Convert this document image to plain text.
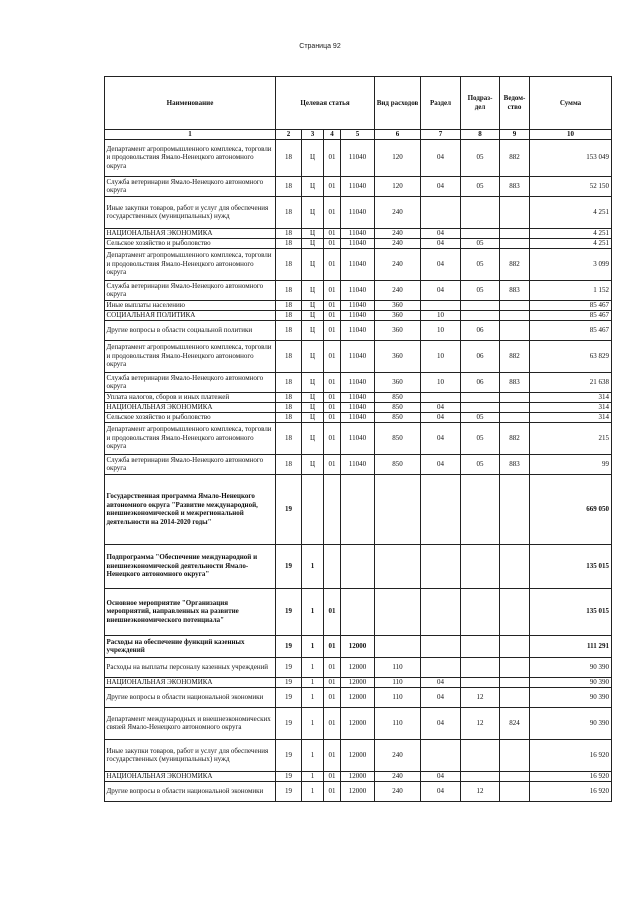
Страница 92
Наименование	Целевая статья				Вид расходов	Раздел	Подраз-дел	Ведом-ство	Сумма
1	2	3	4	5	6	7	8	9	10
Департамент агропромышленного комплекса, торговли и продовольствия Ямало-Ненецкого автономного округа	18	Ц	01	11040	120	04	05	882	153 049
Служба ветеринарии Ямало-Ненецкого автономного округа	18	Ц	01	11040	120	04	05	883	52 150
Иные закупки товаров, работ и услуг для обеспечения государственных (муниципальных) нужд	18	Ц	01	11040	240				4 251
НАЦИОНАЛЬНАЯ ЭКОНОМИКА	18	Ц	01	11040	240	04			4 251
Сельское хозяйство и рыболовство	18	Ц	01	11040	240	04	05		4 251
Департамент агропромышленного комплекса, торговли и продовольствия Ямало-Ненецкого автономного округа	18	Ц	01	11040	240	04	05	882	3 099
Служба ветеринарии Ямало-Ненецкого автономного округа	18	Ц	01	11040	240	04	05	883	1 152
Иные выплаты населению	18	Ц	01	11040	360				85 467
СОЦИАЛЬНАЯ ПОЛИТИКА	18	Ц	01	11040	360	10			85 467
Другие вопросы в области социальной политики	18	Ц	01	11040	360	10	06		85 467
Департамент агропромышленного комплекса, торговли и продовольствия Ямало-Ненецкого автономного округа	18	Ц	01	11040	360	10	06	882	63 829
Служба ветеринарии Ямало-Ненецкого автономного округа	18	Ц	01	11040	360	10	06	883	21 638
Уплата налогов, сборов и иных платежей	18	Ц	01	11040	850				314
НАЦИОНАЛЬНАЯ ЭКОНОМИКА	18	Ц	01	11040	850	04			314
Сельское хозяйство и рыболовство	18	Ц	01	11040	850	04	05		314
Департамент агропромышленного комплекса, торговли и продовольствия Ямало-Ненецкого автономного округа	18	Ц	01	11040	850	04	05	882	215
Служба ветеринарии Ямало-Ненецкого автономного округа	18	Ц	01	11040	850	04	05	883	99
Государственная программа Ямало-Ненецкого автономного округа "Развитие международной, внешнеэкономической и межрегиональной деятельности на 2014-2020 годы"	19								669 050
Подпрограмма "Обеспечение международной и внешнеэкономической деятельности Ямало-Ненецкого автономного округа"	19	1							135 015
Основное мероприятие "Организация мероприятий, направленных на развитие внешнеэкономического потенциала"	19	1	01						135 015
Расходы на обеспечение функций казенных учреждений	19	1	01	12000					111 291
Расходы на выплаты персоналу казенных учреждений	19	1	01	12000	110				90 390
НАЦИОНАЛЬНАЯ ЭКОНОМИКА	19	1	01	12000	110	04			90 390
Другие вопросы в области национальной экономики	19	1	01	12000	110	04	12		90 390
Департамент международных и внешнеэкономических связей Ямало-Ненецкого автономного округа	19	1	01	12000	110	04	12	824	90 390
Иные закупки товаров, работ и услуг для обеспечения государственных (муниципальных) нужд	19	1	01	12000	240				16 920
НАЦИОНАЛЬНАЯ ЭКОНОМИКА	19	1	01	12000	240	04			16 920
Другие вопросы в области национальной экономики	19	1	01	12000	240	04	12		16 920
